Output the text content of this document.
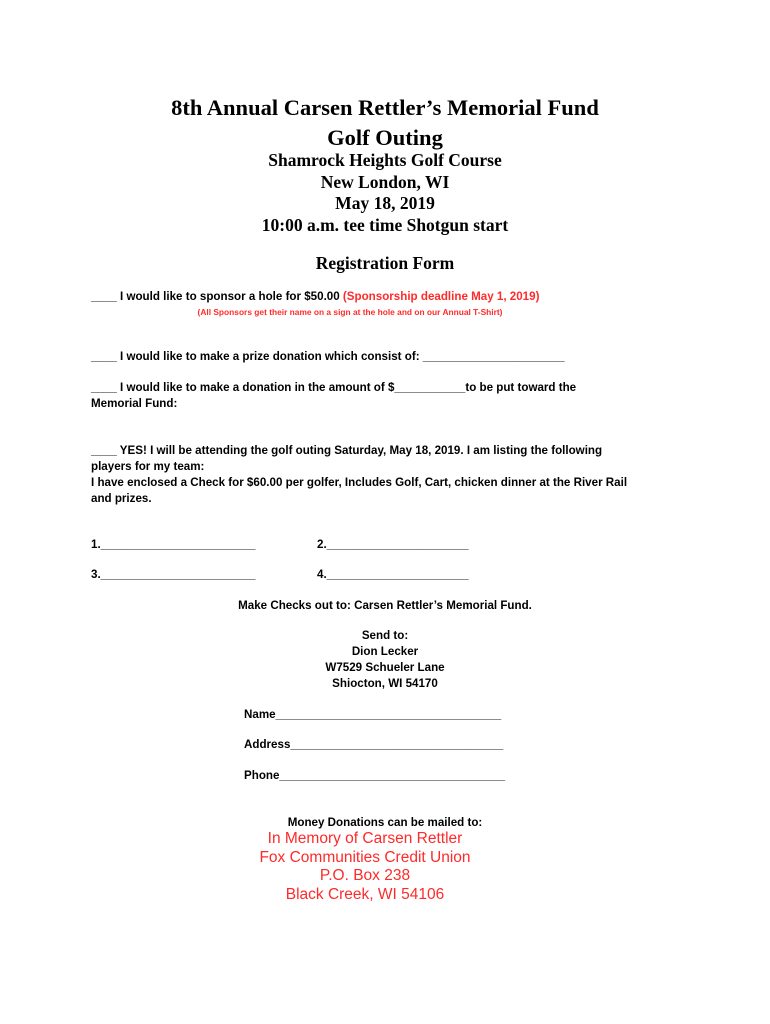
8th Annual Carsen Rettler’s Memorial Fund
Golf Outing
Shamrock Heights Golf Course
New London, WI
May 18, 2019
10:00 a.m. tee time Shotgun start
Registration Form
____ I would like to sponsor a hole for $50.00 (Sponsorship deadline May 1, 2019)
(All Sponsors get their name on a sign at the hole and on our Annual T-Shirt)
____ I would like to make a prize donation which consist of: ______________________
____ I would like to make a donation in the amount of $___________to be put toward the
Memorial Fund:
____ YES! I will be attending the golf outing Saturday, May 18, 2019. I am listing the following
players for my team:
I have enclosed a Check for $60.00 per golfer, Includes Golf, Cart, chicken dinner at the River Rail
and prizes.
1.________________________	2.______________________
3.________________________	4.______________________
Make Checks out to: Carsen Rettler’s Memorial Fund.
Send to:
Dion Lecker
W7529 Schueler Lane
Shiocton, WI 54170
Name___________________________________
Address_________________________________
Phone___________________________________
Money Donations can be mailed to:
In Memory of Carsen Rettler
Fox Communities Credit Union
P.O. Box 238
Black Creek, WI 54106
